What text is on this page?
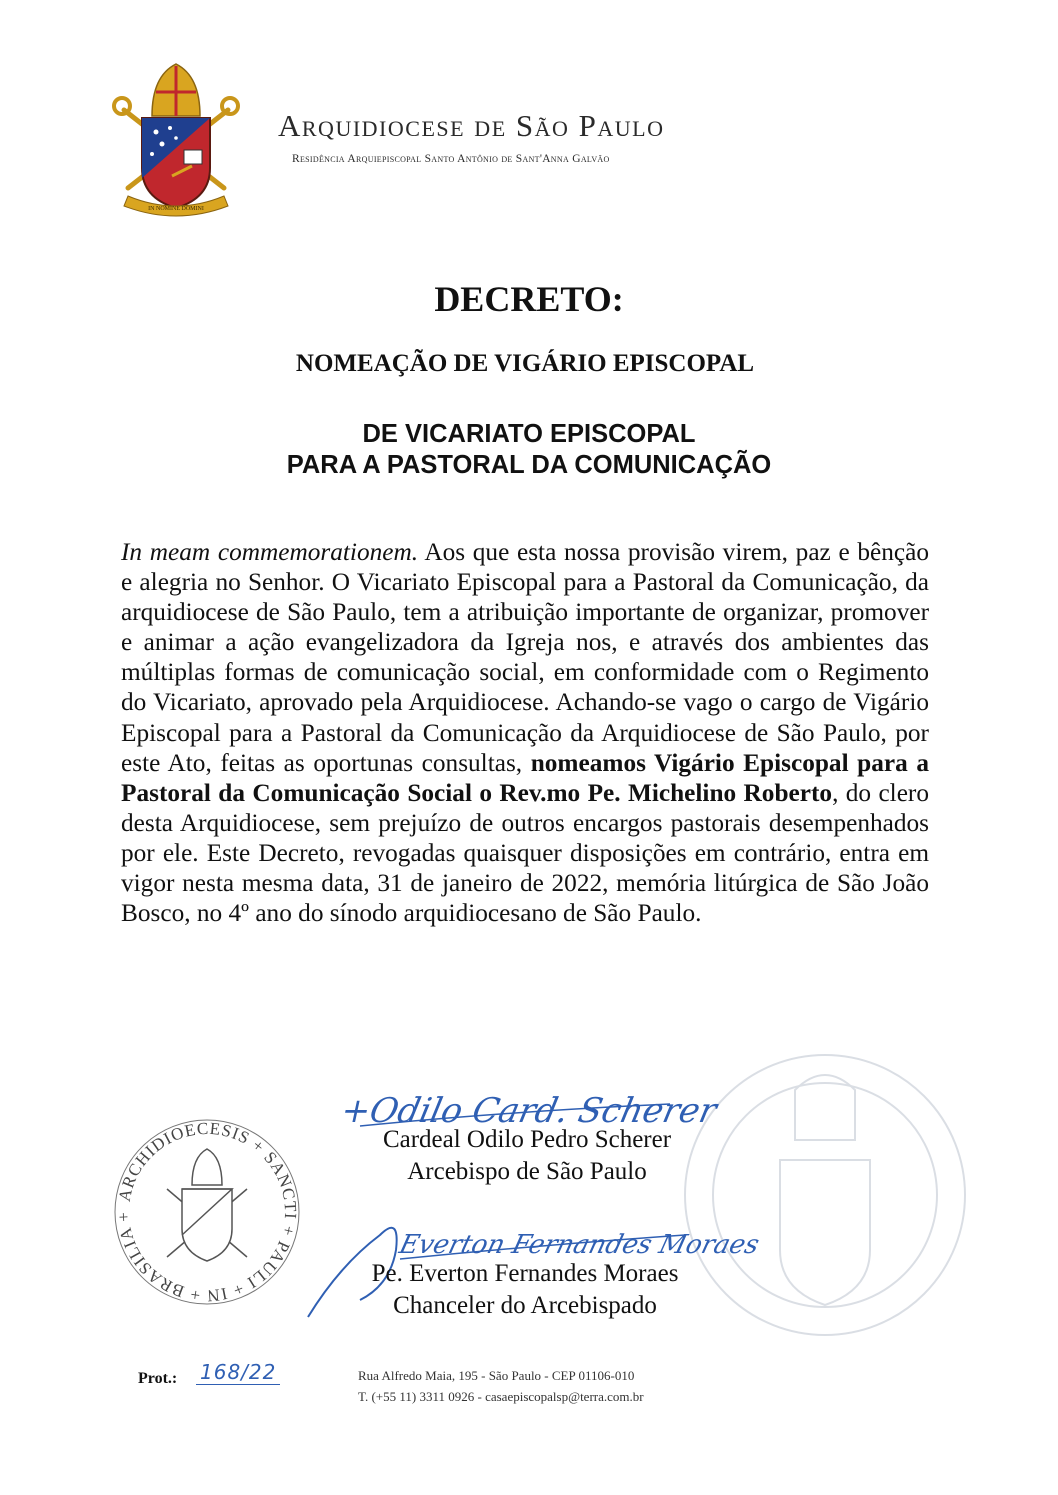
IN NOMINE DOMINI
Arquidiocese de São Paulo
Residência Arquiepiscopal Santo Antônio de Sant'Anna Galvão
DECRETO:
NOMEAÇÃO DE VIGÁRIO EPISCOPAL
DE VICARIATO EPISCOPAL
PARA A PASTORAL DA COMUNICAÇÃO
In meam commemorationem. Aos que esta nossa provisão virem, paz e bênção e alegria no Senhor. O Vicariato Episcopal para a Pastoral da Comunicação, da arquidiocese de São Paulo, tem a atribuição importante de organizar, promover e animar a ação evangelizadora da Igreja nos, e através dos ambientes das múltiplas formas de comunicação social, em conformidade com o Regimento do Vicariato, aprovado pela Arquidiocese. Achando-se vago o cargo de Vigário Episcopal para a Pastoral da Comunicação da Arquidiocese de São Paulo, por este Ato, feitas as oportunas consultas, nomeamos Vigário Episcopal para a Pastoral da Comunicação Social o Rev.mo Pe. Michelino Roberto, do clero desta Arquidiocese, sem prejuízo de outros encargos pastorais desempenhados por ele. Este Decreto, revogadas quaisquer disposições em contrário, entra em vigor nesta mesma data, 31 de janeiro de 2022, memória litúrgica de São João Bosco, no 4º ano do sínodo arquidiocesano de São Paulo.
ARCHIDIOECESIS + SANCTI + PAULI + IN + BRASILIA +
+Odilo Card. Scherer
Everton Fernandes Moraes
Cardeal Odilo Pedro Scherer
Arcebispo de São Paulo
Pe. Everton Fernandes Moraes
Chanceler do Arcebispado
Prot.: 168/22	Rua Alfredo Maia, 195 - São Paulo - CEP 01106-010
T. (+55 11) 3311 0926 - casaepiscopalsp@terra.com.br
